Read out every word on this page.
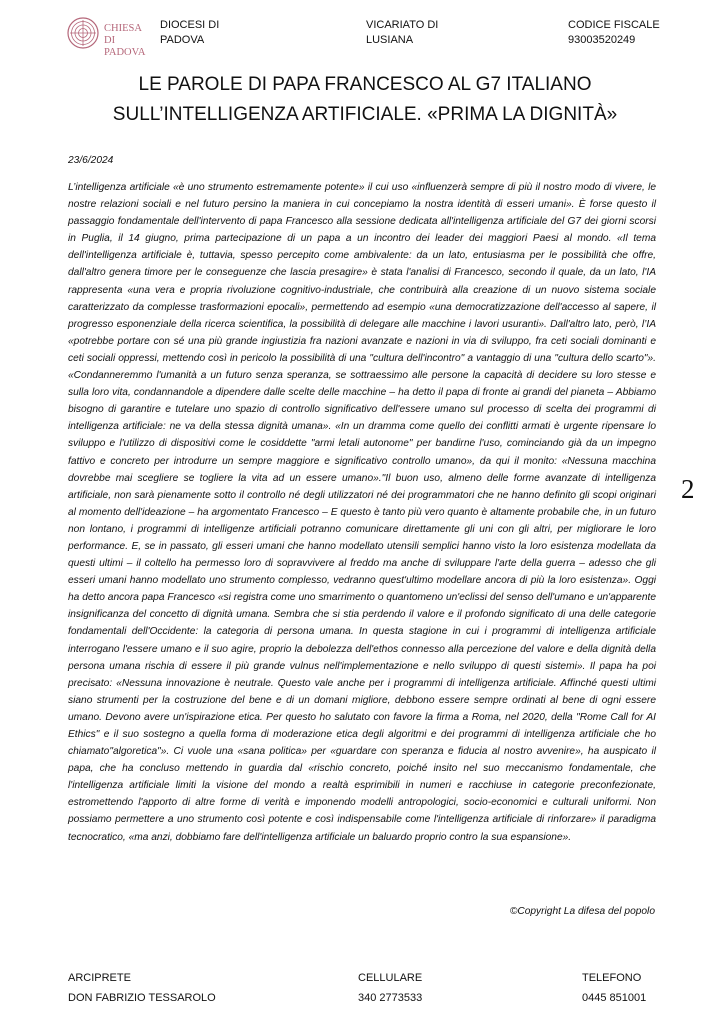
CHIESA DI
PADOVA
DIOCESI DI
PADOVA
VICARIATO DI
LUSIANA
CODICE FISCALE
93003520249
LE PAROLE DI PAPA FRANCESCO AL G7 ITALIANO
SULL’INTELLIGENZA ARTIFICIALE. «PRIMA LA DIGNITÀ»
23/6/2024

L’intelligenza artificiale «è uno strumento estremamente potente» il cui uso «influenzerà sempre di più il nostro modo di vivere, le nostre relazioni sociali e nel futuro persino la maniera in cui concepiamo la nostra identità di esseri umani». È forse questo il passaggio fondamentale dell'intervento di papa Francesco alla sessione dedicata all'intelligenza artificiale del G7 dei giorni scorsi in Puglia, il 14 giugno, prima partecipazione di un papa a un incontro dei leader dei maggiori Paesi al mondo. «Il tema dell'intelligenza artificiale è, tuttavia, spesso percepito come ambivalente: da un lato, entusiasma per le possibilità che offre, dall'altro genera timore per le conseguenze che lascia presagire» è stata l'analisi di Francesco, secondo il quale, da un lato, l'IA rappresenta «una vera e propria rivoluzione cognitivo-industriale, che contribuirà alla creazione di un nuovo sistema sociale caratterizzato da complesse trasformazioni epocali», permettendo ad esempio «una democratizzazione dell'accesso al sapere, il progresso esponenziale della ricerca scientifica, la possibilità di delegare alle macchine i lavori usuranti». Dall'altro lato, però, l’IA «potrebbe portare con sé una più grande ingiustizia fra nazioni avanzate e nazioni in via di sviluppo, fra ceti sociali dominanti e ceti sociali oppressi, mettendo così in pericolo la possibilità di una "cultura dell'incontro" a vantaggio di una "cultura dello scarto"». «Condanneremmo l'umanità a un futuro senza speranza, se sottraessimo alle persone la capacità di decidere su loro stesse e sulla loro vita, condannandole a dipendere dalle scelte delle macchine – ha detto il papa di fronte ai grandi del pianeta – Abbiamo bisogno di garantire e tutelare uno spazio di controllo significativo dell'essere umano sul processo di scelta dei programmi di intelligenza artificiale: ne va della stessa dignità umana». «In un dramma come quello dei conflitti armati è urgente ripensare lo sviluppo e l'utilizzo di dispositivi come le cosiddette "armi letali autonome" per bandirne l'uso, cominciando già da un impegno fattivo e concreto per introdurre un sempre maggiore e significativo controllo umano», da qui il monito: «Nessuna macchina dovrebbe mai scegliere se togliere la vita ad un essere umano»."Il buon uso, almeno delle forme avanzate di intelligenza artificiale, non sarà pienamente sotto il controllo né degli utilizzatori né dei programmatori che ne hanno definito gli scopi originari al momento dell'ideazione – ha argomentato Francesco – E questo è tanto più vero quanto è altamente probabile che, in un futuro non lontano, i programmi di intelligenze artificiali potranno comunicare direttamente gli uni con gli altri, per migliorare le loro performance. E, se in passato, gli esseri umani che hanno modellato utensili semplici hanno visto la loro esistenza modellata da questi ultimi – il coltello ha permesso loro di sopravvivere al freddo ma anche di sviluppare l'arte della guerra – adesso che gli esseri umani hanno modellato uno strumento complesso, vedranno quest'ultimo modellare ancora di più la loro esistenza». Oggi ha detto ancora papa Francesco «si registra come uno smarrimento o quantomeno un'eclissi del senso dell'umano e un'apparente insignificanza del concetto di dignità umana. Sembra che si stia perdendo il valore e il profondo significato di una delle categorie fondamentali dell'Occidente: la categoria di persona umana. In questa stagione in cui i programmi di intelligenza artificiale interrogano l'essere umano e il suo agire, proprio la debolezza dell'ethos connesso alla percezione del valore e della dignità della persona umana rischia di essere il più grande vulnus nell'implementazione e nello sviluppo di questi sistemi». Il papa ha poi precisato: «Nessuna innovazione è neutrale. Questo vale anche per i programmi di intelligenza artificiale. Affinché questi ultimi siano strumenti per la costruzione del bene e di un domani migliore, debbono essere sempre ordinati al bene di ogni essere umano. Devono avere un'ispirazione etica. Per questo ho salutato con favore la firma a Roma, nel 2020, della "Rome Call for AI Ethics" e il suo sostegno a quella forma di moderazione etica degli algoritmi e dei programmi di intelligenza artificiale che ho chiamato"algoretica"». Ci vuole una «sana politica» per «guardare con speranza e fiducia al nostro avvenire», ha auspicato il papa, che ha concluso mettendo in guardia dal «rischio concreto, poiché insito nel suo meccanismo fondamentale, che l'intelligenza artificiale limiti la visione del mondo a realtà esprimibili in numeri e racchiuse in categorie preconfezionate, estromettendo l'apporto di altre forme di verità e imponendo modelli antropologici, socio-economici e culturali uniformi. Non possiamo permettere a uno strumento così potente e così indispensabile come l'intelligenza artificiale di rinforzare» il paradigma tecnocratico, «ma anzi, dobbiamo fare dell'intelligenza artificiale un baluardo proprio contro la sua espansione».

©Copyright La difesa del popolo
2
ARCIPRETE
DON FABRIZIO TESSAROLO
CELLULARE
340 2773533
TELEFONO
0445 851001
